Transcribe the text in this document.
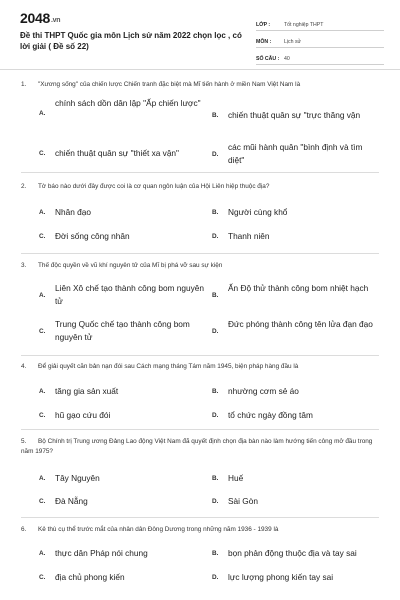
2048.vn
Đề thi THPT Quốc gia môn Lịch sử năm 2022 chọn lọc , có lời giải ( Đề số 22)
LỚP :	Tốt nghiệp THPT
MÔN : Lịch sử
SỐ CÂU : 40
1. "Xương sống" của chiến lược Chiến tranh đặc biệt mà Mĩ tiến hành ở miền Nam Việt Nam là
A.
chính sách dồn dân lập "Ấp chiến lược"
B. chiến thuật quân sự "trực thăng vận
C. chiến thuật quân sự "thiết xa vận"	D.
các mũi hành quân "bình định và tìm diệt"
2. Tờ báo nào dưới đây được coi là cơ quan ngôn luận của Hội Liên hiệp thuộc địa?
A. Nhân đạo	B. Người cùng khổ
C. Đời sống công nhân	D. Thanh niên
3. Thế độc quyền về vũ khí nguyên tử của Mĩ bị phá vỡ sau sự kiện
A.
Liên Xô chế tạo thành công bom nguyên tử
B.
Ấn Độ thử thành công bom nhiệt hạch
C.
Trung Quốc chế tạo thành công bom nguyên tử
D.
Đức phóng thành công tên lửa đạn đạo
4. Để giải quyết căn bản nạn đói sau Cách mạng tháng Tám năm 1945, biện pháp hàng đầu là
A. tăng gia sản xuất	B. nhường cơm sẻ áo
C. hũ gạo cứu đói	D. tổ chức ngày đồng tâm
5. Bộ Chính trị Trung ương Đảng Lao động Việt Nam đã quyết định chọn địa bàn nào làm hướng tiến công mở đầu trong năm 1975?
A. Tây Nguyên	B. Huế
C. Đà Nẵng	D. Sài Gòn
6. Kẻ thù cụ thể trước mắt của nhân dân Đông Dương trong những năm 1936 - 1939 là
A. thực dân Pháp nói chung	B. bọn phản động thuộc địa và tay sai
C. địa chủ phong kiến	D. lực lượng phong kiến tay sai
